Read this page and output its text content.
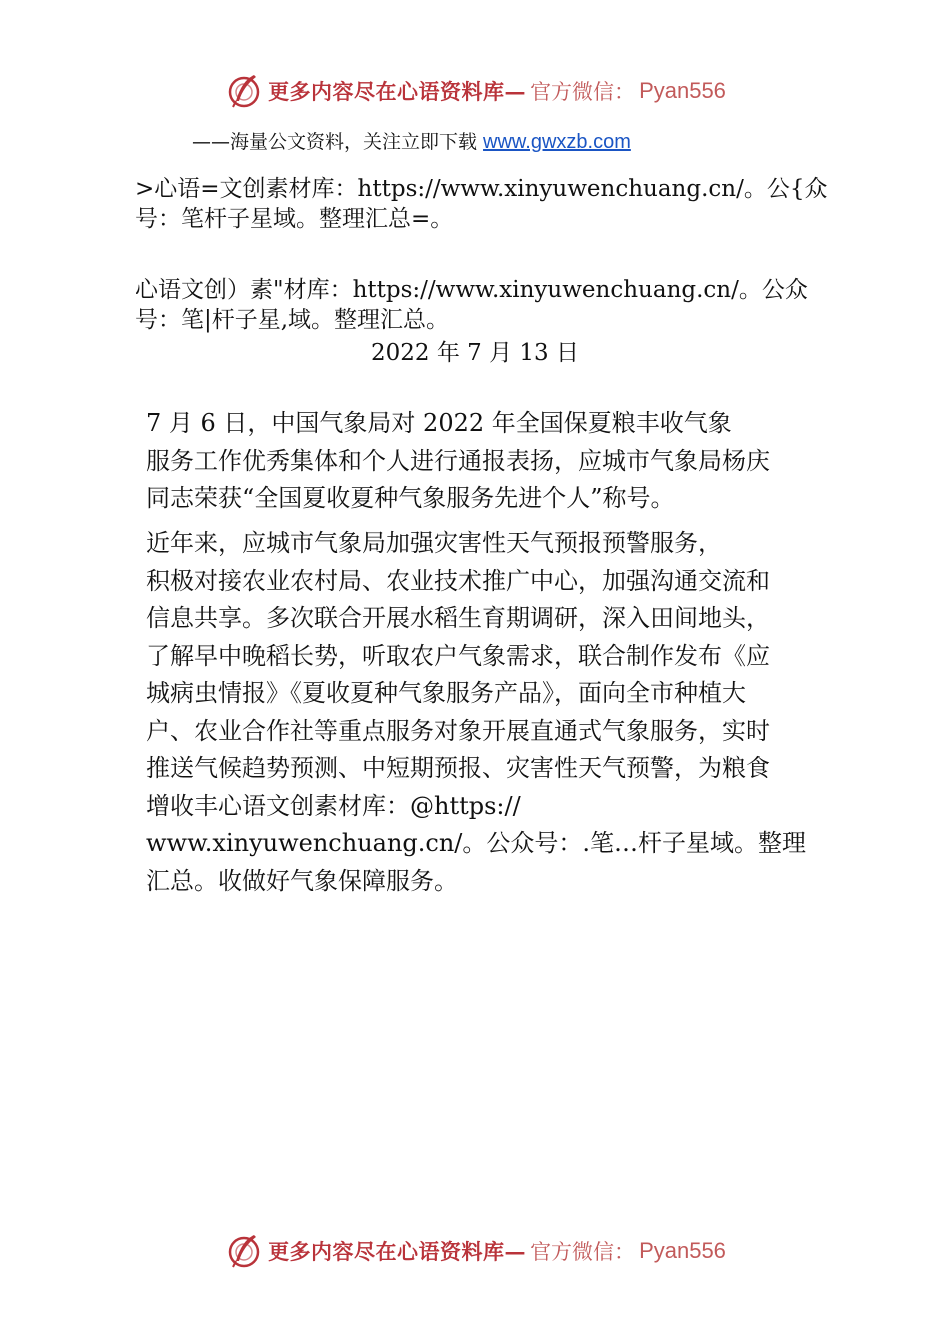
更多内容尽在心语资料库— 官方微信： Pyan556
——海量公文资料，关注立即下载 www.gwxzb.com
>心语=文创素材库：https://www.xinyuwenchuang.cn/。公{众
号：笔杆子星域。整理汇总=。
心语文创）素"材库：https://www.xinyuwenchuang.cn/。公众
号：笔|杆子星,域。整理汇总。
2022 年 7 月 13 日
7 月 6 日，中国气象局对 2022 年全国保夏粮丰收气象
服务工作优秀集体和个人进行通报表扬，应城市气象局杨庆
同志荣获“全国夏收夏种气象服务先进个人”称号。
近年来，应城市气象局加强灾害性天气预报预警服务，
积极对接农业农村局、农业技术推广中心，加强沟通交流和
信息共享。多次联合开展水稻生育期调研，深入田间地头，
了解早中晚稻长势，听取农户气象需求，联合制作发布《应
城病虫情报》《夏收夏种气象服务产品》，面向全市种植大
户、农业合作社等重点服务对象开展直通式气象服务，实时
推送气候趋势预测、中短期预报、灾害性天气预警，为粮食
增收丰心语文创素材库：@https://
www.xinyuwenchuang.cn/。公众号：.笔…杆子星域。整理
汇总。收做好气象保障服务。
更多内容尽在心语资料库— 官方微信： Pyan556
